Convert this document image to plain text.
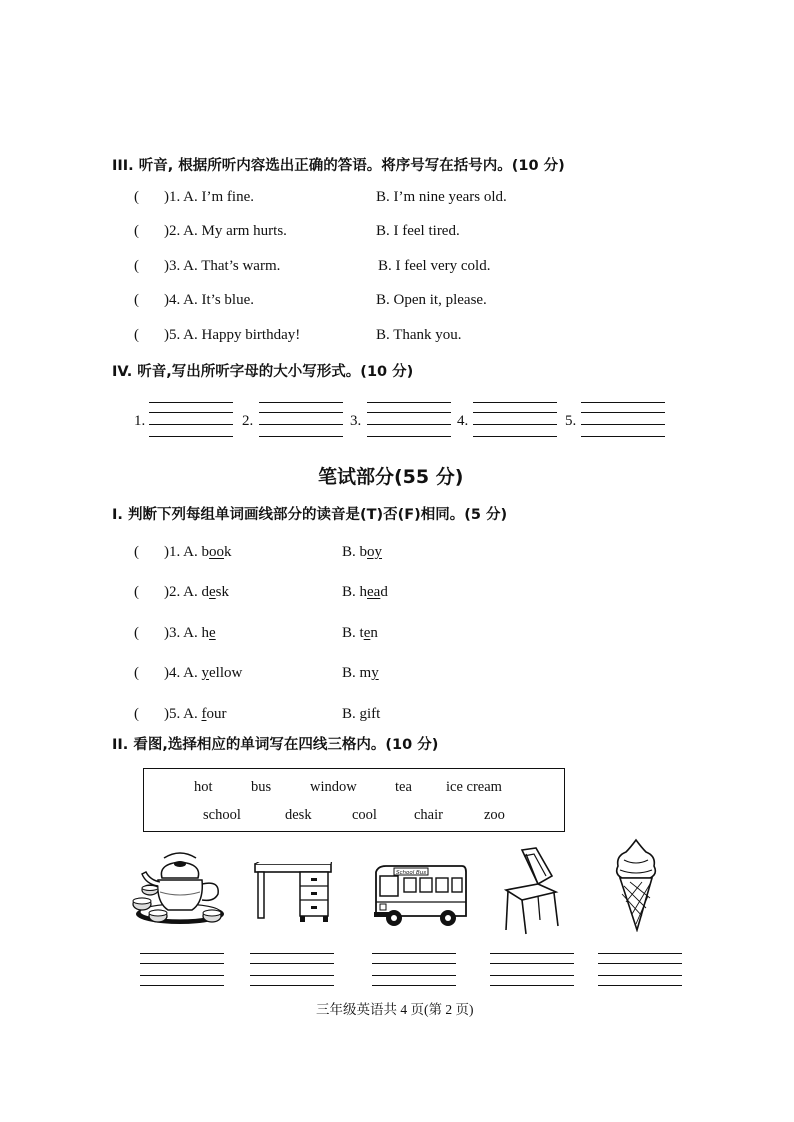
III. 听音, 根据所听内容选出正确的答语。将序号写在括号内。(10 分)
( )1. A. I’m fine.	B. I’m nine years old.
( )2. A. My arm hurts.	B. I feel tired.
( )3. A. That’s warm.	B. I feel very cold.
( )4. A. It’s blue.	B. Open it, please.
( )5. A. Happy birthday!	B. Thank you.
IV. 听音,写出所听字母的大小写形式。(10 分)
1.	2.	3.	4.	5.
笔试部分(55 分)
I. 判断下列每组单词画线部分的读音是(T)否(F)相同。(5 分)
( )1. A. book	B. boy
( )2. A. desk	B. head
( )3. A. he	B. ten
( )4. A. yellow	B. my
( )5. A. four	B. gift
II. 看图,选择相应的单词写在四线三格内。(10 分)
hot	bus	window	tea ice cream
school	desk	cool	chair	zoo
School Bus
三年级英语共 4 页(第 2 页)
